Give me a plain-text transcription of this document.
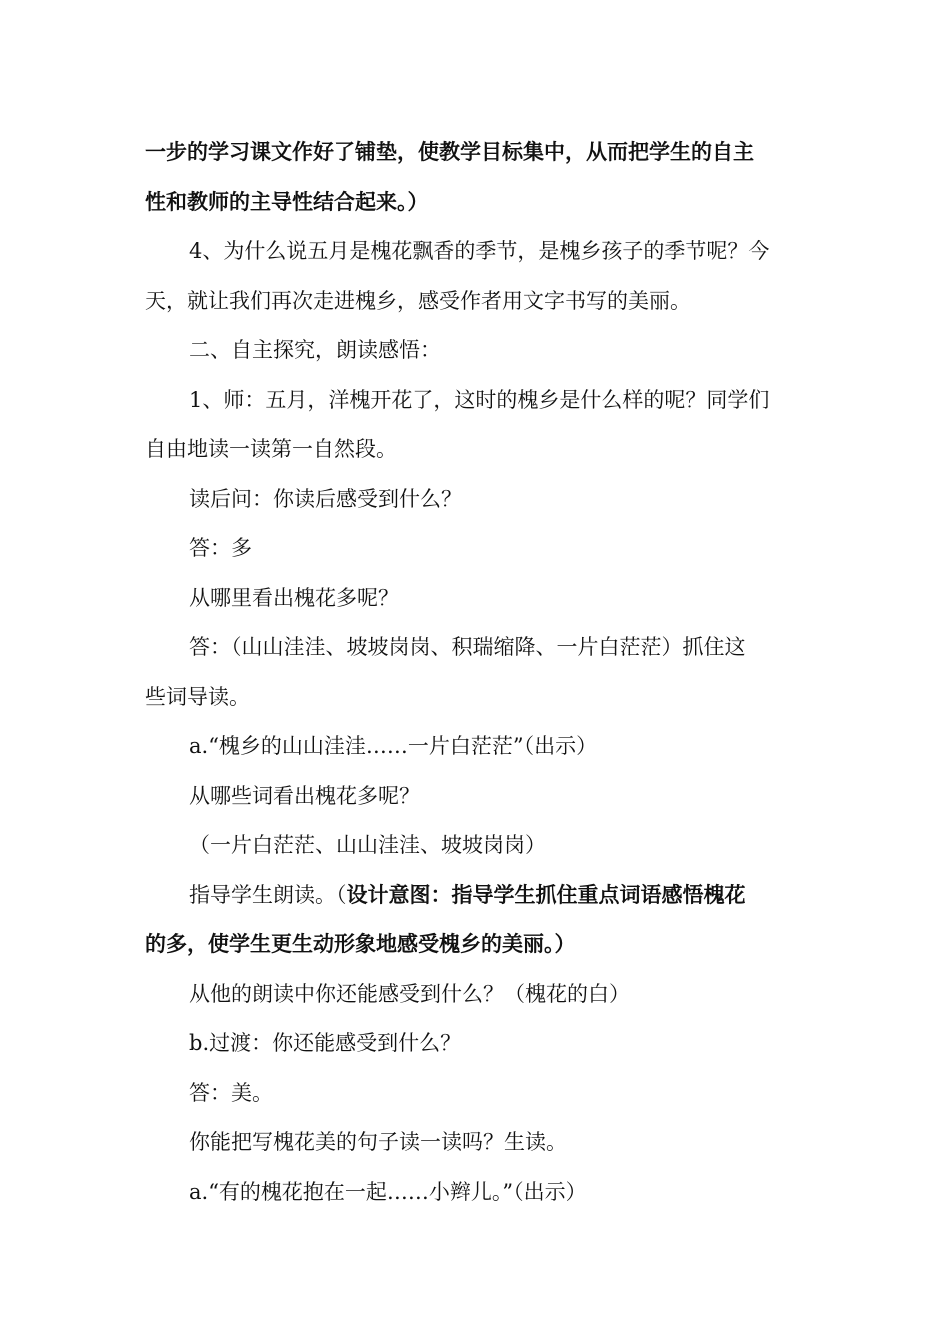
一步的学习课文作好了铺垫，使教学目标集中，从而把学生的自主
性和教师的主导性结合起来。）
4、为什么说五月是槐花飘香的季节，是槐乡孩子的季节呢？今
天，就让我们再次走进槐乡，感受作者用文字书写的美丽。
二、自主探究，朗读感悟：
1、师：五月，洋槐开花了，这时的槐乡是什么样的呢？同学们
自由地读一读第一自然段。
读后问：你读后感受到什么？
答：多
从哪里看出槐花多呢？
答：（山山洼洼、坡坡岗岗、积瑞缩降、一片白茫茫）抓住这
些词导读。
a.“槐乡的山山洼洼……一片白茫茫”（出示）
从哪些词看出槐花多呢？
（一片白茫茫、山山洼洼、坡坡岗岗）
指导学生朗读。（设计意图：指导学生抓住重点词语感悟槐花
的多，使学生更生动形象地感受槐乡的美丽。）
从他的朗读中你还能感受到什么？（槐花的白）
b.过渡：你还能感受到什么？
答：美。
你能把写槐花美的句子读一读吗？生读。
a.“有的槐花抱在一起……小辫儿。”（出示）
